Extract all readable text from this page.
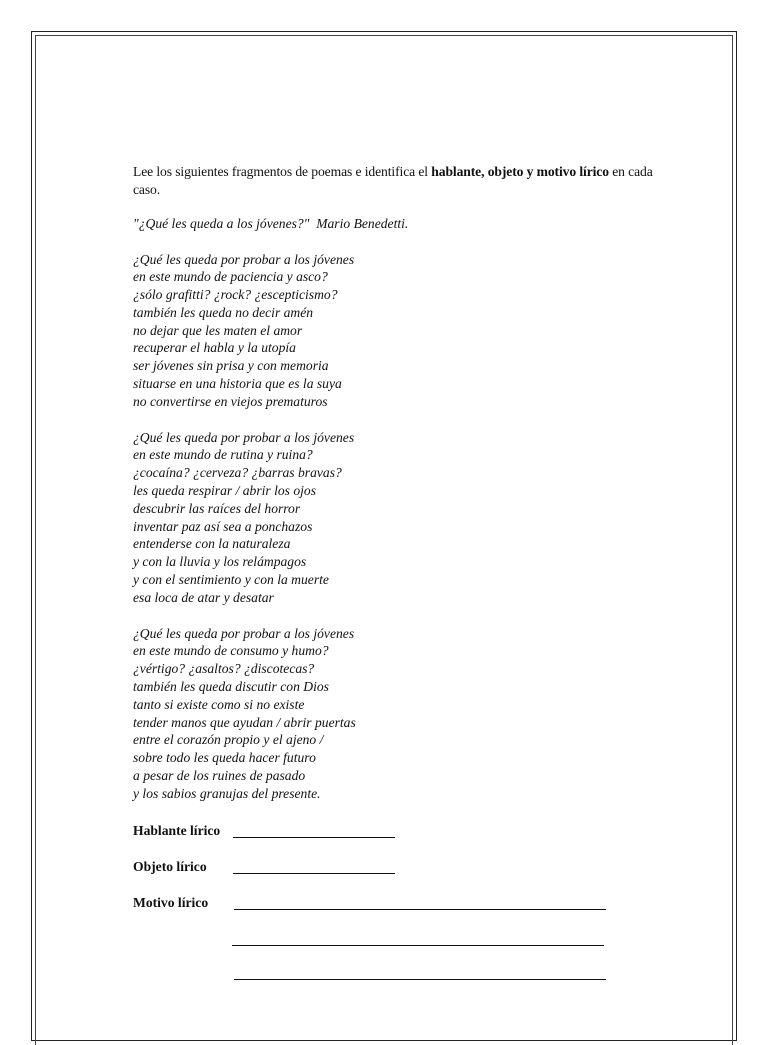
Lee los siguientes fragmentos de poemas e identifica el hablante, objeto y motivo lírico en cada caso.

"¿Qué les queda a los jóvenes?"  Mario Benedetti.

¿Qué les queda por probar a los jóvenes
en este mundo de paciencia y asco?
¿sólo grafitti? ¿rock? ¿escepticismo?
también les queda no decir amén
no dejar que les maten el amor
recuperar el habla y la utopía
ser jóvenes sin prisa y con memoria
situarse en una historia que es la suya
no convertirse en viejos prematuros
¿Qué les queda por probar a los jóvenes
en este mundo de rutina y ruina?
¿cocaína? ¿cerveza? ¿barras bravas?
les queda respirar / abrir los ojos
descubrir las raíces del horror
inventar paz así sea a ponchazos
entenderse con la naturaleza
y con la lluvia y los relámpagos
y con el sentimiento y con la muerte
esa loca de atar y desatar
¿Qué les queda por probar a los jóvenes
en este mundo de consumo y humo?
¿vértigo? ¿asaltos? ¿discotecas?
también les queda discutir con Dios
tanto si existe como si no existe
tender manos que ayudan / abrir puertas
entre el corazón propio y el ajeno /
sobre todo les queda hacer futuro
a pesar de los ruines de pasado
y los sabios granujas del presente.
Hablante lírico
Objeto lírico
Motivo lírico
